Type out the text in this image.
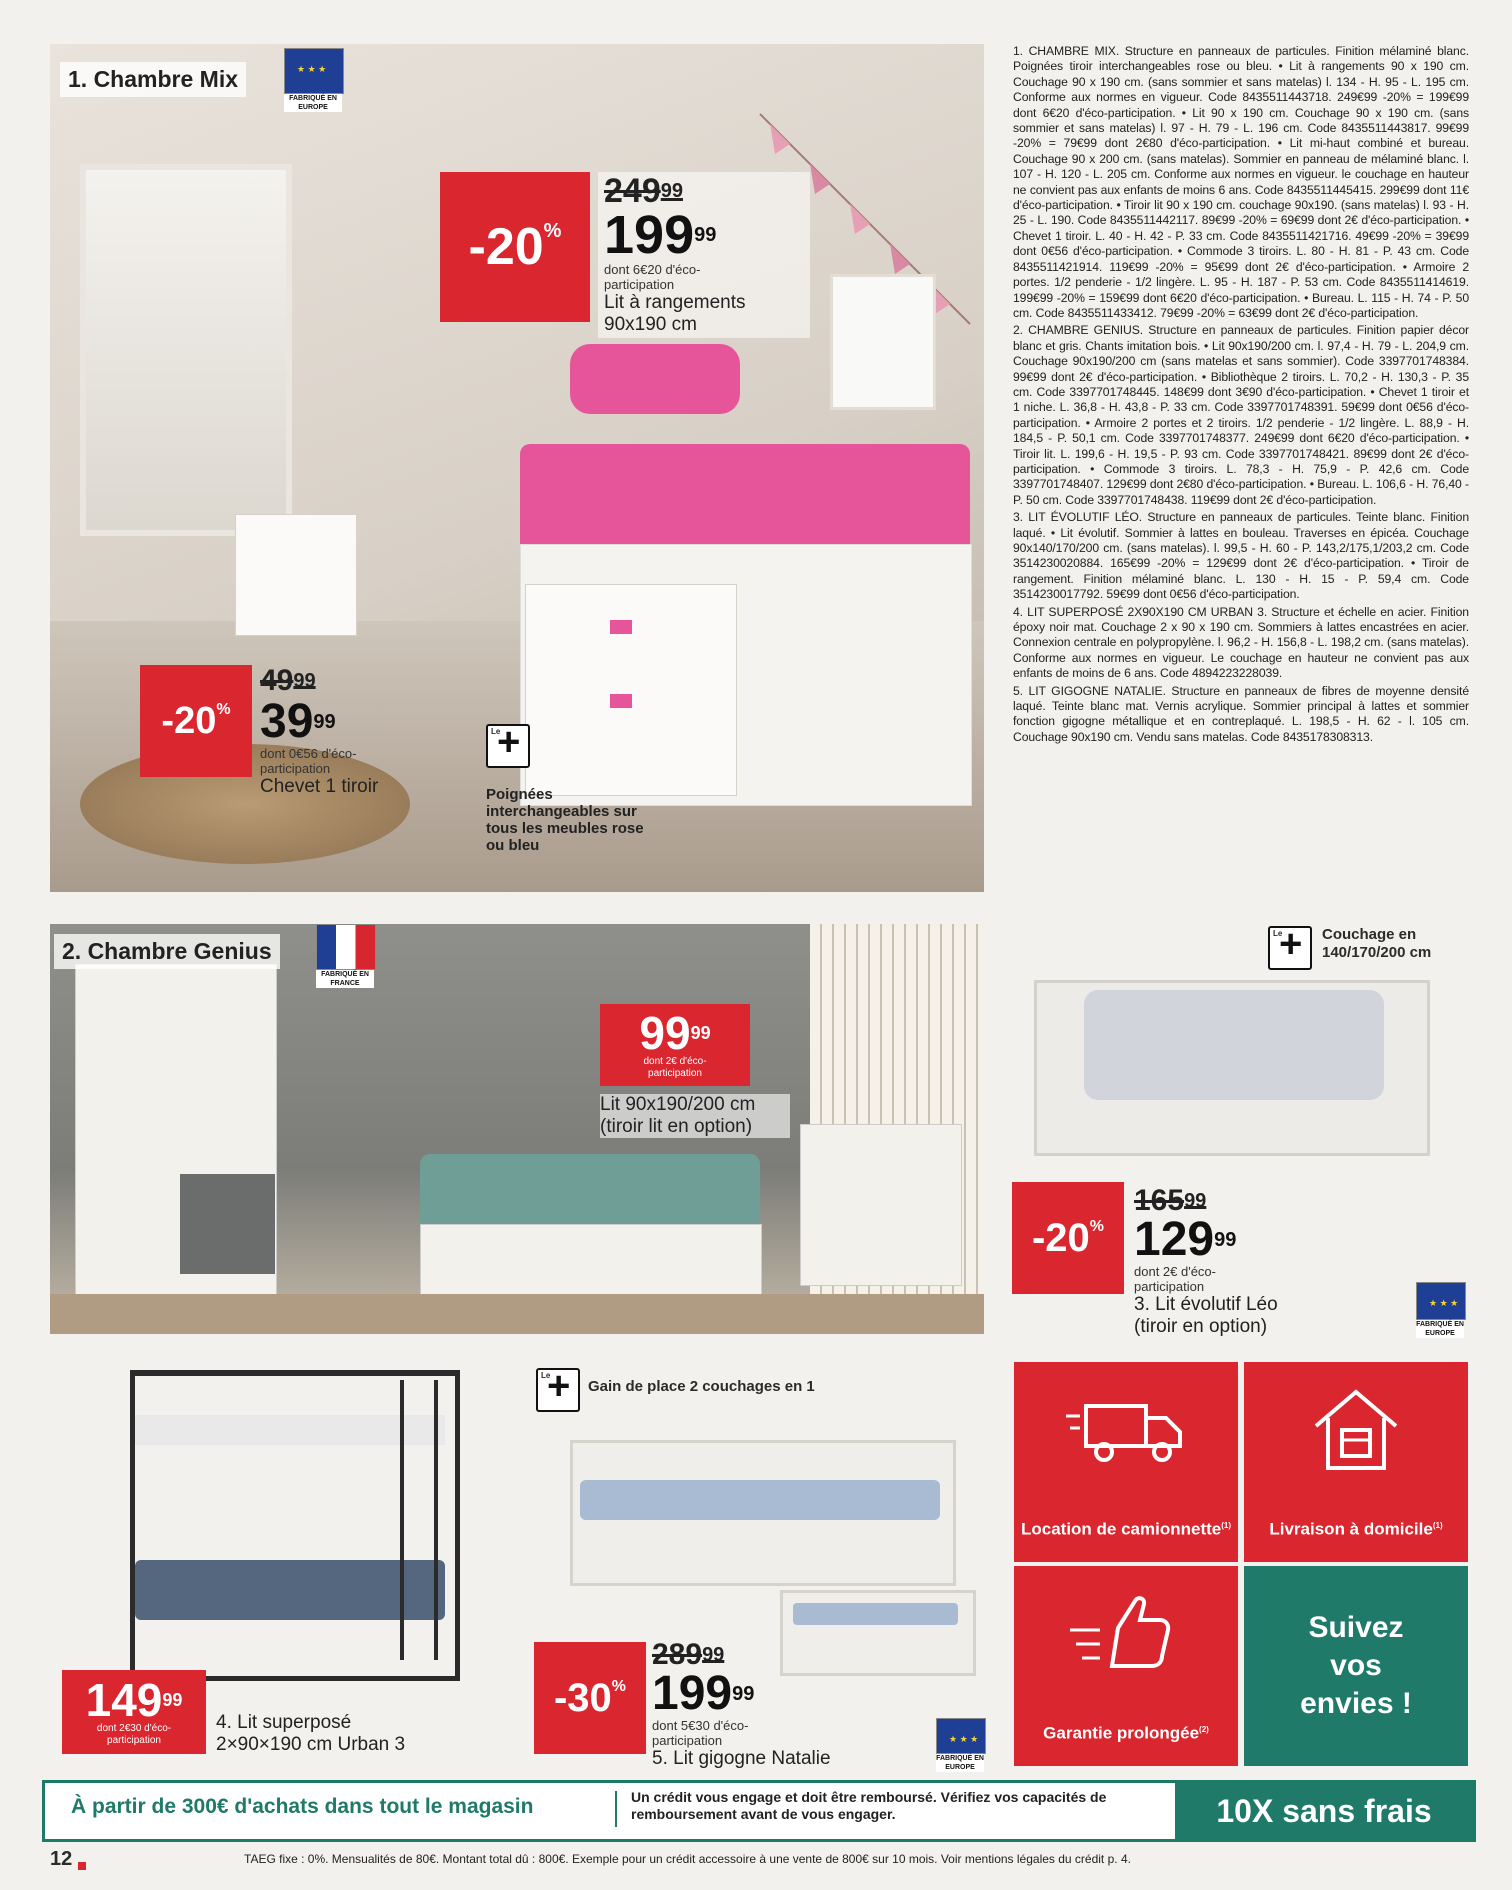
1. Chambre Mix
★ ★ ★
FABRIQUÉ EN EUROPE
-20 %
$249^{99}$
$199^{99}$
dont 6€20 d'éco-participation
Lit à rangements 90x190 cm
-20 %
$49^{99}$
$39^{99}$
dont 0€56 d'éco-participation
Chevet 1 tiroir
+ Le	Poignées interchangeables sur tous les meubles rose ou bleu

1. CHAMBRE MIX. Structure en panneaux de particules. Finition mélaminé blanc. Poignées tiroir interchangeables rose ou bleu. • Lit à rangements 90 x 190 cm. Couchage 90 x 190 cm. (sans sommier et sans matelas) l. 134 - H. 95 - L. 195 cm. Conforme aux normes en vigueur. Code 8435511443718. 249€99 -20% = 199€99 dont 6€20 d'éco-participation. • Lit 90 x 190 cm. Couchage 90 x 190 cm. (sans sommier et sans matelas) l. 97 - H. 79 - L. 196 cm. Code 8435511443817. 99€99 -20% = 79€99 dont 2€80 d'éco-participation. • Lit mi-haut combiné et bureau. Couchage 90 x 200 cm. (sans matelas). Sommier en panneau de mélaminé blanc. l. 107 - H. 120 - L. 205 cm. Conforme aux normes en vigueur. le couchage en hauteur ne convient pas aux enfants de moins 6 ans. Code 8435511445415. 299€99 dont 11€ d'éco-participation. • Tiroir lit 90 x 190 cm. couchage 90x190. (sans matelas) l. 93 - H. 25 - L. 190. Code 8435511442117. 89€99 -20% = 69€99 dont 2€ d'éco-participation. • Chevet 1 tiroir. L. 40 - H. 42 - P. 33 cm. Code 8435511421716. 49€99 -20% = 39€99 dont 0€56 d'éco-participation. • Commode 3 tiroirs. L. 80 - H. 81 - P. 43 cm. Code 8435511421914. 119€99 -20% = 95€99 dont 2€ d'éco-participation. • Armoire 2 portes. 1/2 penderie - 1/2 lingère. L. 95 - H. 187 - P. 53 cm. Code 8435511414619. 199€99 -20% = 159€99 dont 6€20 d'éco-participation. • Bureau. L. 115 - H. 74 - P. 50 cm. Code 8435511433412. 79€99 -20% = 63€99 dont 2€ d'éco-participation.

2. CHAMBRE GENIUS. Structure en panneaux de particules. Finition papier décor blanc et gris. Chants imitation bois. • Lit 90x190/200 cm. l. 97,4 - H. 79 - L. 204,9 cm. Couchage 90x190/200 cm (sans matelas et sans sommier). Code 3397701748384. 99€99 dont 2€ d'éco-participation. • Bibliothèque 2 tiroirs. L. 70,2 - H. 130,3 - P. 35 cm. Code 3397701748445. 148€99 dont 3€90 d'éco-participation. • Chevet 1 tiroir et 1 niche. L. 36,8 - H. 43,8 - P. 33 cm. Code 3397701748391. 59€99 dont 0€56 d'éco-participation. • Armoire 2 portes et 2 tiroirs. 1/2 penderie - 1/2 lingère. L. 88,9 - H. 184,5 - P. 50,1 cm. Code 3397701748377. 249€99 dont 6€20 d'éco-participation. • Tiroir lit. L. 199,6 - H. 19,5 - P. 93 cm. Code 3397701748421. 89€99 dont 2€ d'éco-participation. • Commode 3 tiroirs. L. 78,3 - H. 75,9 - P. 42,6 cm. Code 3397701748407. 129€99 dont 2€80 d'éco-participation. • Bureau. L. 106,6 - H. 76,40 - P. 50 cm. Code 3397701748438. 119€99 dont 2€ d'éco-participation.

3. LIT ÉVOLUTIF LÉO. Structure en panneaux de particules. Teinte blanc. Finition laqué. • Lit évolutif. Sommier à lattes en bouleau. Traverses en épicéa. Couchage 90x140/170/200 cm. (sans matelas). l. 99,5 - H. 60 - P. 143,2/175,1/203,2 cm. Code 3514230020884. 165€99 -20% = 129€99 dont 2€ d'éco-participation. • Tiroir de rangement. Finition mélaminé blanc. L. 130 - H. 15 - P. 59,4 cm. Code 3514230017792. 59€99 dont 0€56 d'éco-participation.

4. LIT SUPERPOSÉ 2X90X190 CM URBAN 3. Structure et échelle en acier. Finition époxy noir mat. Couchage 2 x 90 x 190 cm. Sommiers à lattes encastrées en acier. Connexion centrale en polypropylène. l. 96,2 - H. 156,8 - L. 198,2 cm. (sans matelas). Conforme aux normes en vigueur. Le couchage en hauteur ne convient pas aux enfants de moins de 6 ans. Code 4894223228039.

5. LIT GIGOGNE NATALIE. Structure en panneaux de fibres de moyenne densité laqué. Teinte blanc mat. Vernis acrylique. Sommier principal à lattes et sommier fonction gigogne métallique et en contreplaqué. L. 198,5 - H. 62 - l. 105 cm. Couchage 90x190 cm. Vendu sans matelas. Code 8435178308313.

2. Chambre Genius
FABRIQUÉ EN FRANCE
$99^{99}$
dont 2€ d'éco-participation
Lit 90x190/200 cm (tiroir lit en option)
+ Le
Couchage en 140/170/200 cm
-20 %
$165^{99}$
$129^{99}$
dont 2€ d'éco-participation
3. Lit évolutif Léo (tiroir en option)
★ ★ ★	FABRIQUÉ EN EUROPE
$149^{99}$
dont 2€30 d'éco-participation
4. Lit superposé 2×90×190 cm Urban 3
+ Le
Gain de place 2 couchages en 1
-30 %
$289^{99}$
$199^{99}$
dont 5€30 d'éco-participation
5. Lit gigogne Natalie
★ ★ ★	FABRIQUÉ EN EUROPE
Location de camionnette$^{(1)}$ Livraison à domicile$^{(1)}$
Garantie prolongée$^{(2)}$
Suivez vos envies !
À partir de 300€ d'achats dans tout le magasin	Un crédit vous engage et doit être remboursé. Vérifiez vos capacités de remboursement avant de vous engager.	10X sans frais
12	TAEG fixe : 0%. Mensualités de 80€. Montant total dû : 800€. Exemple pour un crédit accessoire à une vente de 800€ sur 10 mois. Voir mentions légales du crédit p. 4.
